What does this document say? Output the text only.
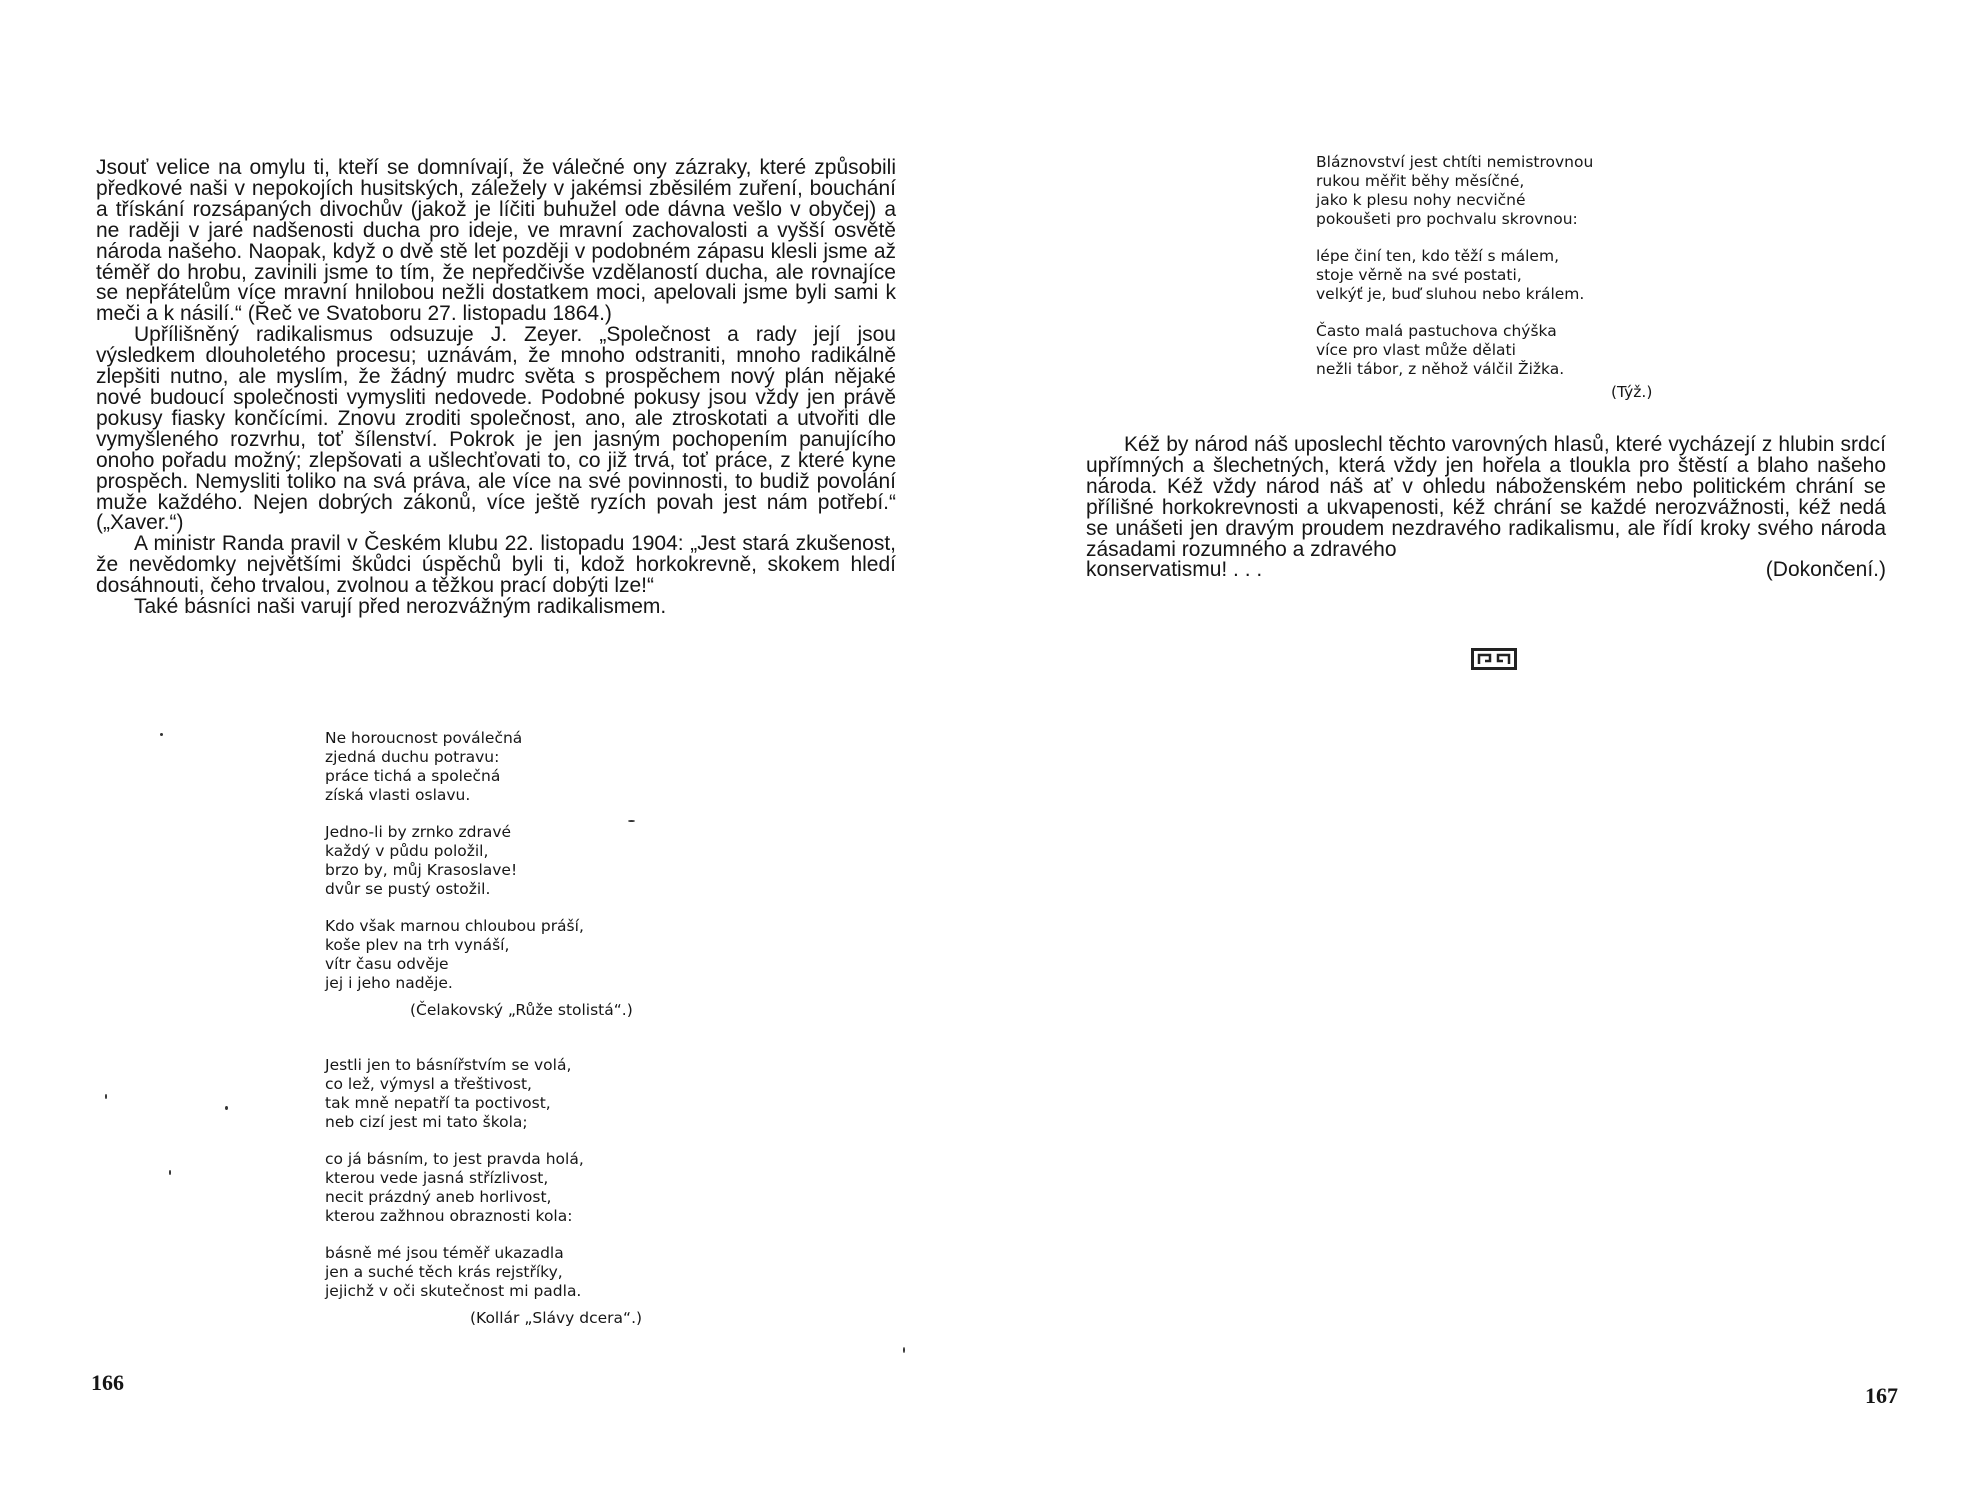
Jsouť velice na omylu ti, kteří se domnívají, že válečné ony zázraky, které způsobili předkové naši v nepokojích husitských, záležely v jakémsi zběsilém zuření, bouchání a třískání rozsápaných divochův (jakož je líčiti buhužel ode dávna vešlo v obyčej) a ne raději v jaré nadšenosti ducha pro ideje, ve mravní zachovalosti a vyšší osvětě národa našeho. Naopak, když o dvě stě let později v podobném zápasu klesli jsme až téměř do hrobu, zavinili jsme to tím, že nepředčivše vzdělaností ducha, ale rovnajíce se nepřátelům více mravní hnilobou nežli dostatkem moci, apelovali jsme byli sami k meči a k násilí.“ (Řeč ve Svatoboru 27. listopadu 1864.)

Upřílišněný radikalismus odsuzuje J. Zeyer. „Společnost a rady její jsou výsledkem dlouholetého procesu; uznávám, že mnoho odstraniti, mnoho radikálně zlepšiti nutno, ale myslím, že žádný mudrc světa s prospěchem nový plán nějaké nové budoucí společnosti vymysliti nedovede. Podobné pokusy jsou vždy jen právě pokusy fiasky končícími. Znovu zroditi společnost, ano, ale ztroskotati a utvořiti dle vymyšleného rozvrhu, toť šílenství. Pokrok je jen jasným pochopením panujícího onoho pořadu možný; zlepšovati a ušlechťovati to, co již trvá, toť práce, z které kyne prospěch. Nemysliti toliko na svá práva, ale více na své povinnosti, to budiž povolání muže každého. Nejen dobrých zákonů, více ještě ryzích povah jest nám potřebí.“ („Xaver.“)

A ministr Randa pravil v Českém klubu 22. listopadu 1904: „Jest stará zkušenost, že nevědomky největšími škůdci úspěchů byli ti, kdož horkokrevně, skokem hledí dosáhnouti, čeho trvalou, zvolnou a těžkou prací dobýti lze!“

Také básníci naši varují před nerozvážným radikalismem.

Ne horoucnost poválečná
zjedná duchu potravu:
práce tichá a společná
získá vlasti oslavu.
Jedno-li by zrnko zdravé
každý v půdu položil,
brzo by, můj Krasoslave!
dvůr se pustý ostožil.
Kdo však marnou chloubou práší,
koše plev na trh vynáší,
vítr času odvěje
jej i jeho naděje.
(Čelakovský „Růže stolistá“.)
Jestli jen to básnířstvím se volá,
co lež, výmysl a třeštivost,
tak mně nepatří ta poctivost,
neb cizí jest mi tato škola;
co já básním, to jest pravda holá,
kterou vede jasná střízlivost,
necit prázdný aneb horlivost,
kterou zažhnou obraznosti kola:
básně mé jsou téměř ukazadla
jen a suché těch krás rejstříky,
jejichž v oči skutečnost mi padla.
(Kollár „Slávy dcera“.)

166

Bláznovství jest chtíti nemistrovnou
rukou měřit běhy měsíčné,
jako k plesu nohy necvičné
pokoušeti pro pochvalu skrovnou:
lépe činí ten, kdo těží s málem,
stoje věrně na své postati,
velkýť je, buď sluhou nebo králem.
Často malá pastuchova chýška
více pro vlast může dělati
nežli tábor, z něhož válčil Žižka.
(Týž.)

Kéž by národ náš uposlechl těchto varovných hlasů, které vycházejí z hlubin srdcí upřímných a šlechetných, která vždy jen hořela a tloukla pro štěstí a blaho našeho národa. Kéž vždy národ náš ať v ohledu náboženském nebo politickém chrání se přílišné horkokrevnosti a ukvapenosti, kéž chrání se každé nerozvážnosti, kéž nedá se unášeti jen dravým proudem nezdravého radikalismu, ale řídí kroky svého národa zásadami rozumného a zdravého

konservatismu! . . .	(Dokončení.)

167
